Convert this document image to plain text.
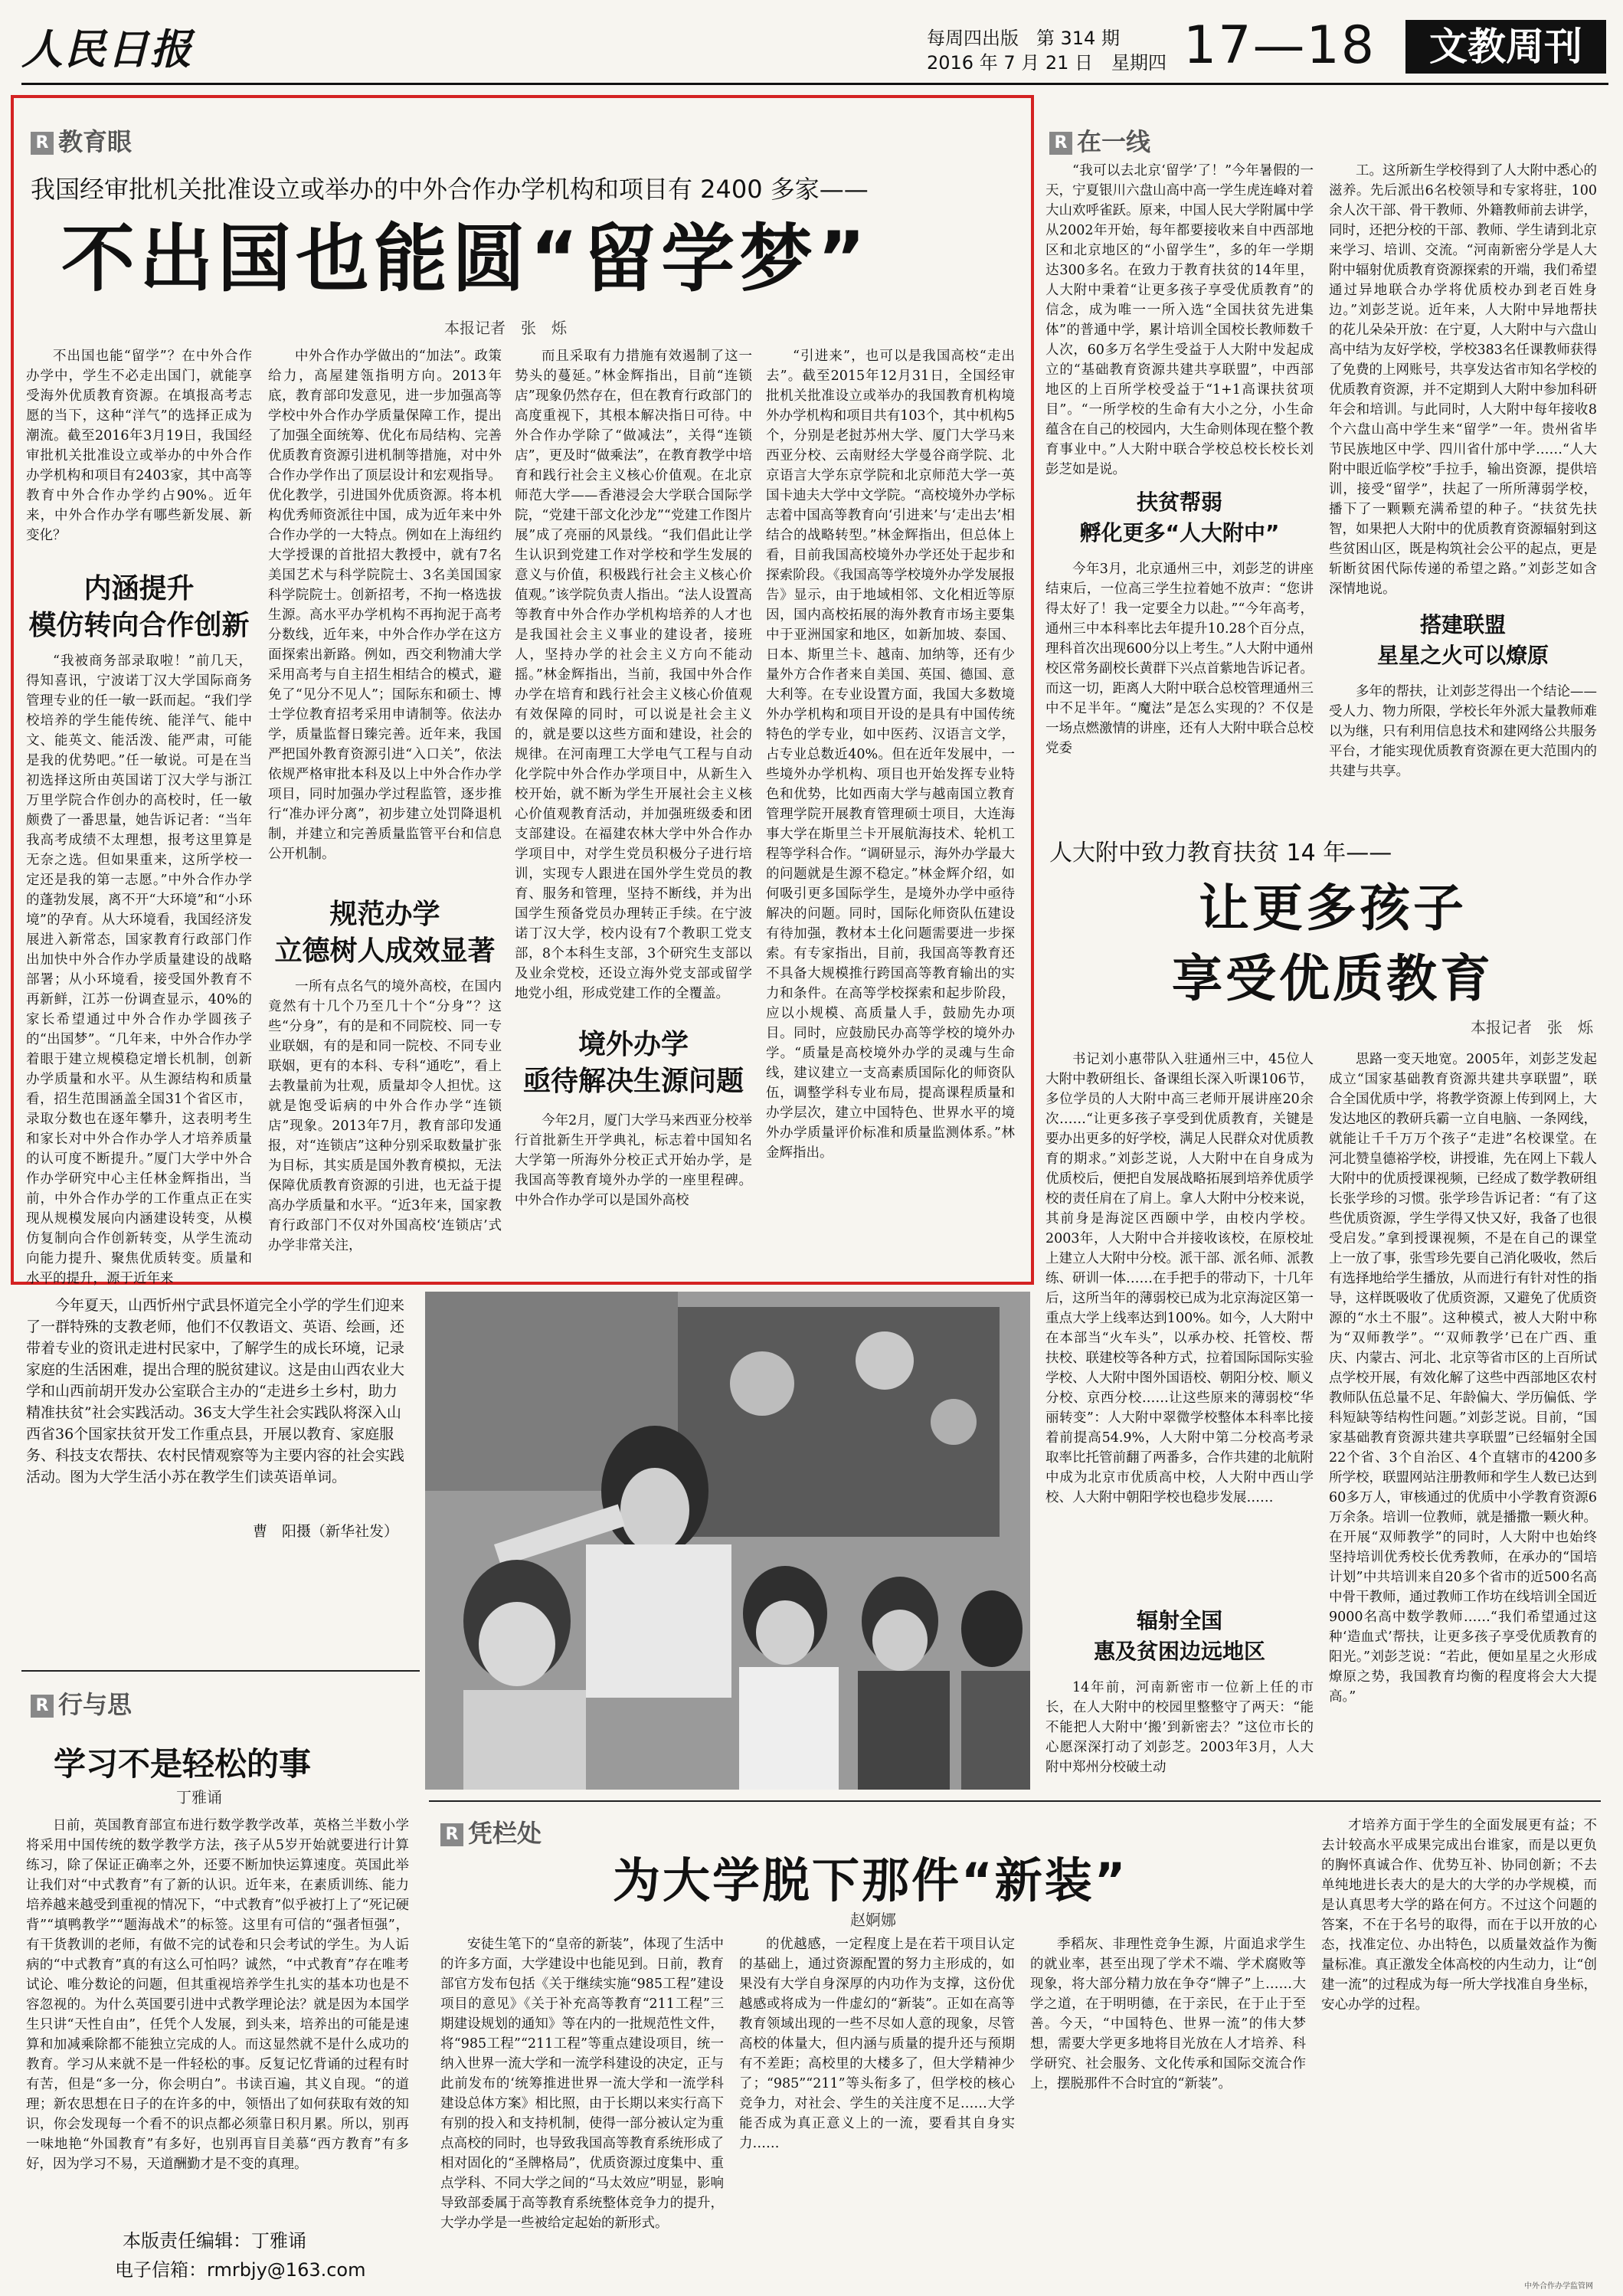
人民日报	每周四出版 第 314 期
2016 年 7 月 21 日　星期四 17—18	文教周刊
R 教育眼
我国经审批机关批准设立或举办的中外合作办学机构和项目有 2400 多家——
不出国也能圆“留学梦”
本报记者　张　烁
不出国也能“留学”？在中外合作办学中，学生不必走出国门，就能享受海外优质教育资源。在填报高考志愿的当下，这种“洋气”的选择正成为潮流。截至2016年3月19日，我国经审批机关批准设立或举办的中外合作办学机构和项目有2403家，其中高等教育中外合作办学约占90%。近年来，中外合作办学有哪些新发展、新变化？
内涵提升
模仿转向合作创新
“我被商务部录取啦！”前几天，得知喜讯，宁波诺丁汉大学国际商务管理专业的任一敏一跃而起。“我们学校培养的学生能传统、能洋气、能中文、能英文、能活泼、能严肃，可能是我的优势吧。”任一敏说。可是在当初选择这所由英国诺丁汉大学与浙江万里学院合作创办的高校时，任一敏颇费了一番思量，她告诉记者：“当年我高考成绩不太理想，报考这里算是无奈之选。但如果重来，这所学校一定还是我的第一志愿。”中外合作办学的蓬勃发展，离不开“大环境”和“小环境”的孕育。从大环境看，我国经济发展进入新常态，国家教育行政部门作出加快中外合作办学质量建设的战略部署；从小环境看，接受国外教育不再新鲜，江苏一份调查显示，40%的家长希望通过中外合作办学圆孩子的“出国梦”。“几年来，中外合作办学着眼于建立规模稳定增长机制，创新办学质量和水平。从生源结构和质量看，招生范围涵盖全国31个省区市，录取分数也在逐年攀升，这表明考生和家长对中外合作办学人才培养质量的认可度不断提升。”厦门大学中外合作办学研究中心主任林金辉指出，当前，中外合作办学的工作重点正在实现从规模发展向内涵建设转变，从模仿复制向合作创新转变，从学生流动向能力提升、聚焦优质转变。质量和水平的提升，源于近年来
中外合作办学做出的“加法”。政策给力，高屋建瓴指明方向。2013年底，教育部印发意见，进一步加强高等学校中外合作办学质量保障工作，提出了加强全面统筹、优化布局结构、完善优质教育资源引进机制等措施，对中外合作办学作出了顶层设计和宏观指导。优化教学，引进国外优质资源。将本机构优秀师资派往中国，成为近年来中外合作办学的一大特点。例如在上海纽约大学授课的首批招大教授中，就有7名美国艺术与科学院院士、3名美国国家科学院院士。创新招考，不拘一格选拔生源。高水平办学机构不再拘泥于高考分数线，近年来，中外合作办学在这方面探索出新路。例如，西交利物浦大学采用高考与自主招生相结合的模式，避免了“见分不见人”；国际东和硕士、博士学位教育招考采用申请制等。依法办学，质量监督日臻完善。近年来，我国严把国外教育资源引进“入口关”，依法依规严格审批本科及以上中外合作办学项目，同时加强办学过程监管，逐步推行“准办评分离”，初步建立处罚降退机制，并建立和完善质量监管平台和信息公开机制。
规范办学
立德树人成效显著
一所有点名气的境外高校，在国内竟然有十几个乃至几十个“分身”？这些“分身”，有的是和不同院校、同一专业联姻，有的是和同一院校、不同专业联姻，更有的本科、专科“通吃”，看上去教量前为壮观，质量却令人担忧。这就是饱受诟病的中外合作办学“连锁店”现象。2013年7月，教育部印发通报，对“连锁店”这种分别采取数量扩张为目标，其实质是国外教育模拟，无法保障优质教育资源的引进，也无益于提高办学质量和水平。“近3年来，国家教育行政部门不仅对外国高校‘连锁店’式办学非常关注，
而且采取有力措施有效遏制了这一势头的蔓延。”林金辉指出，目前“连锁店”现象仍然存在，但在教育行政部门的高度重视下，其根本解决指日可待。中外合作办学除了“做减法”，关得“连锁店”，更及时“做乘法”，在教育教学中培育和践行社会主义核心价值观。在北京师范大学——香港浸会大学联合国际学院，“党建干部文化沙龙”“党建工作图片展”成了亮丽的风景线。“我们倡此让学生认识到党建工作对学校和学生发展的意义与价值，积极践行社会主义核心价值观。”该学院负责人指出。“法人设置高等教育中外合作办学机构培养的人才也是我国社会主义事业的建设者，接班人，坚持办学的社会主义方向不能动摇。”林金辉指出，当前，我国中外合作办学在培育和践行社会主义核心价值观有效保障的同时，可以说是社会主义的，就是要以这些方面和建设，社会的规律。在河南理工大学电气工程与自动化学院中外合作办学项目中，从新生入校开始，就不断为学生开展社会主义核心价值观教育活动，并加强班级委和团支部建设。在福建农林大学中外合作办学项目中，对学生党员积极分子进行培训，实现专人跟进在国外学生党员的教育、服务和管理，坚持不断线，并为出国学生预备党员办理转正手续。在宁波诺丁汉大学，校内设有7个教职工党支部，8个本科生支部，3个研究生支部以及业余党校，还设立海外党支部或留学地党小组，形成党建工作的全覆盖。
境外办学
亟待解决生源问题
今年2月，厦门大学马来西亚分校举行首批新生开学典礼，标志着中国知名大学第一所海外分校正式开始办学，是我国高等教育境外办学的一座里程碑。中外合作办学可以是国外高校
“引进来”，也可以是我国高校“走出去”。截至2015年12月31日，全国经审批机关批准设立或举办的我国教育机构境外办学机构和项目共有103个，其中机构5个，分别是老挝苏州大学、厦门大学马来西亚分校、云南财经大学曼谷商学院、北京语言大学东京学院和北京师范大学一英国卡迪夫大学中文学院。“高校境外办学标志着中国高等教育向‘引进来’与‘走出去’相结合的战略转型。”林金辉指出，但总体上看，目前我国高校境外办学还处于起步和探索阶段。《我国高等学校境外办学发展报告》显示，由于地域相邻、文化相近等原因，国内高校拓展的海外教育市场主要集中于亚洲国家和地区，如新加坡、泰国、日本、斯里兰卡、越南、加纳等，还有少量外方合作者来自美国、英国、德国、意大利等。在专业设置方面，我国大多数境外办学机构和项目开设的是具有中国传统特色的学专业，如中医药、汉语言文学，占专业总数近40%。但在近年发展中，一些境外办学机构、项目也开始发挥专业特色和优势，比如西南大学与越南国立教育管理学院开展教育管理硕士项目，大连海事大学在斯里兰卡开展航海技术、轮机工程等学科合作。“调研显示，海外办学最大的问题就是生源不稳定。”林金辉介绍，如何吸引更多国际学生，是境外办学中亟待解决的问题。同时，国际化师资队伍建设有待加强，教材本土化问题需要进一步探索。有专家指出，目前，我国高等教育还不具备大规模推行跨国高等教育输出的实力和条件。在高等学校探索和起步阶段，应以小规模、高质量人手，鼓励先办项目。同时，应鼓励民办高等学校的境外办学。“质量是高校境外办学的灵魂与生命线，建议建立一支高素质国际化的师资队伍，调整学科专业布局，提高课程质量和办学层次，建立中国特色、世界水平的境外办学质量评价标准和质量监测体系。”林金辉指出。
R 在一线
“我可以去北京‘留学’了！”今年暑假的一天，宁夏银川六盘山高中高一学生虎连峰对着大山欢呼雀跃。原来，中国人民大学附属中学从2002年开始，每年都要接收来自中西部地区和北京地区的“小留学生”，多的年一学期达300多名。在致力于教育扶贫的14年里，人大附中秉着“让更多孩子享受优质教育”的信念，成为唯一一所入选“全国扶贫先进集体”的普通中学，累计培训全国校长教师数千人次，60多万名学生受益于人大附中发起成立的“基础教育资源共建共享联盟”，中西部地区的上百所学校受益于“1+1高课扶贫项目”。“一所学校的生命有大小之分，小生命蕴含在自己的校园内，大生命则体现在整个教育事业中。”人大附中联合学校总校长校长刘彭芝如是说。
扶贫帮弱
孵化更多“人大附中”
今年3月，北京通州三中，刘彭芝的讲座结束后，一位高三学生拉着她不放声：“您讲得太好了！我一定要全力以赴。”“今年高考，通州三中本科率比去年提升10.28个百分点，理科首次出现600分以上考生。”人大附中通州校区常务副校长黄群下兴点首紫地告诉记者。而这一切，距离人大附中联合总校管理通州三中不足半年。“魔法”是怎么实现的？不仅是一场点燃激情的讲座，还有人大附中联合总校党委
工。这所新生学校得到了人大附中悉心的滋养。先后派出6名校领导和专家将驻，100余人次干部、骨干教师、外籍教师前去讲学，同时，还把分校的干部、教师、学生请到北京来学习、培训、交流。“河南新密分学是人大附中辐射优质教育资源探索的开端，我们希望通过异地联合办学将优质校办到老百姓身边。”刘彭芝说。近年来，人大附中异地帮扶的花儿朵朵开放：在宁夏，人大附中与六盘山高中结为友好学校，学校383名任课教师获得了免费的上网账号，共享发达省市知名学校的优质教育资源，并不定期到人大附中参加科研年会和培训。与此同时，人大附中每年接收8个六盘山高中学生来“留学”一年。贵州省毕节民族地区中学、四川省什邡中学……“人大附中眼近临学校”手拉手，输出资源，提供培训，接受“留学”，扶起了一所所薄弱学校，播下了一颗颗充满希望的种子。“扶贫先扶智，如果把人大附中的优质教育资源辐射到这些贫困山区，既是构筑社会公平的起点，更是斩断贫困代际传递的希望之路。”刘彭芝如含深情地说。
搭建联盟
星星之火可以燎原
多年的帮扶，让刘彭芝得出一个结论——受人力、物力所限，学校长年外派大量教师难以为继，只有利用信息技术和建网络公共服务平台，才能实现优质教育资源在更大范围内的共建与共享。
人大附中致力教育扶贫 14 年——
让更多孩子
享受优质教育
本报记者　张　烁
书记刘小惠带队入驻通州三中，45位人大附中教研组长、备课组长深入听课106节，多位学员的人大附中高三老师开展讲座20余次……“让更多孩子享受到优质教育，关键是要办出更多的好学校，满足人民群众对优质教育的期求。”刘彭芝说，人大附中在自身成为优质校后，便把自发展战略拓展到培养优质学校的责任肩在了肩上。拿人大附中分校来说，其前身是海淀区西颐中学，由校内学校。2003年，人大附中合并接收该校，在原校址上建立人大附中分校。派干部、派名师、派教练、研训一体……在手把手的带动下，十几年后，这所当年的薄弱校已成为北京海淀区第一重点大学上线率达到100%。如今，人大附中在本部当“火车头”，以承办校、托管校、帮扶校、联建校等各种方式，拉着国际国际实验学校、人大附中图外国语校、朝阳分校、顺义分校、京西分校……让这些原来的薄弱校“华丽转变”：人大附中翠微学校整体本科率比接着前提高54.9%，人大附中第二分校高考录取率比托管前翻了两番多，合作共建的北航附中成为北京市优质高中校，人大附中西山学校、人大附中朝阳学校也稳步发展……
辐射全国
惠及贫困边远地区
14年前，河南新密市一位新上任的市长，在人大附中的校园里整整守了两天：“能不能把人大附中‘搬’到新密去？”这位市长的心愿深深打动了刘彭芝。2003年3月，人大附中郑州分校破土动
思路一变天地宽。2005年，刘彭芝发起成立“国家基础教育资源共建共享联盟”，联合全国优质中学，将教学资源上传到网上，大发达地区的教研兵霸一立自电脑、一条网线，就能让千千万万个孩子“走进”名校课堂。在河北赞皇德裕学校，讲授谁，先在网上下载人大附中的优质授课视频，已经成了数学教研组长张学珍的习惯。张学珍告诉记者：“有了这些优质资源，学生学得又快又好，我备了也很受启发。”拿到授课视频，不是在自己的课堂上一放了事，张雪珍先要自己消化吸收，然后有选择地给学生播放，从而进行有针对性的指导，这样既吸收了优质资源，又避免了优质资源的“水土不服”。这种模式，被人大附中称为“双师教学”。“‘双师教学’已在广西、重庆、内蒙古、河北、北京等省市区的上百所试点学校开展，有效化解了这些中西部地区农村教师队伍总量不足、年龄偏大、学历偏低、学科短缺等结构性问题。”刘彭芝说。目前，“国家基础教育资源共建共享联盟”已经辐射全国22个省、3个自治区、4个直辖市的4200多所学校，联盟网站注册教师和学生人数已达到60多万人，审核通过的优质中小学教育资源6万余条。培训一位教师，就是播撒一颗火种。在开展“双师教学”的同时，人大附中也始终坚持培训优秀校长优秀教师，在承办的“国培计划”中共培训来自20多个省市的近500名高中骨干教师，通过教师工作坊在线培训全国近9000名高中数学教师……“我们希望通过这种‘造血式’帮扶，让更多孩子享受优质教育的阳光。”刘彭芝说：“若此，便如星星之火形成燎原之势，我国教育均衡的程度将会大大提高。”
今年夏天，山西忻州宁武县怀道完全小学的学生们迎来了一群特殊的支教老师，他们不仅教语文、英语、绘画，还带着专业的资讯走进村民家中，了解学生的成长环境，记录家庭的生活困难，提出合理的脱贫建议。这是由山西农业大学和山西前胡开发办公室联合主办的“走进乡土乡村，助力精准扶贫”社会实践活动。36支大学生社会实践队将深入山西省36个国家扶贫开发工作重点县，开展以教育、家庭服务、科技支农帮扶、农村民情观察等为主要内容的社会实践活动。图为大学生活小苏在教学生们读英语单词。
曹　阳摄（新华社发）
R 行与思
学习不是轻松的事
丁雅诵
日前，英国教育部宣布进行数学教学改革，英格兰半数小学将采用中国传统的数学教学方法，孩子从5岁开始就要进行计算练习，除了保证正确率之外，还要不断加快运算速度。英国此举让我们对“中式教育”有了新的认识。近年来，在素质训练、能力培养越来越受到重视的情况下，“中式教育”似乎被打上了“死记硬背”“填鸭教学”“题海战术”的标签。这里有可信的“强者恒强”，有干货教训的老师，有做不完的试卷和只会考试的学生。为人诟病的“中式教育”真的有这么可怕吗？诚然，“中式教育”存在唯考试论、唯分数论的问题，但其重视培养学生扎实的基本功也是不容忽视的。为什么英国要引进中式教学理论法？就是因为本国学生只讲“天性自由”，任凭个人发展，到头来，培养出的可能是速算和加减乘除都不能独立完成的人。而这显然就不是什么成功的教育。学习从来就不是一件轻松的事。反复记忆背诵的过程有时有苦，但是“多一分，你会明白”。书读百遍，其义自现。“的道理；新农思想在日子的在许多的中，领悟出了如何获取有效的知识，你会发现每一个看不的识点都必须靠日积月累。所以，别再一味地艳“外国教育”有多好，也别再盲目美慕“西方教育”有多好，因为学习不易，天道酬勤才是不变的真理。
本版责任编辑：丁雅诵
电子信箱：rmrbjy@163.com
R 凭栏处
为大学脱下那件“新装”
赵婀娜
安徒生笔下的“皇帝的新装”，体现了生活中的许多方面，大学建设中也能见到。日前，教育部官方发布包括《关于继续实施“985工程”建设项目的意见》《关于补充高等教育“211工程”三期建设规划的通知》等在内的一批规范性文件，将“985工程”“211工程”等重点建设项目，统一纳入世界一流大学和一流学科建设的决定，正与此前发布的‘统筹推进世界一流大学和一流学科建设总体方案》相比照，由于长期以来实行高下有别的投入和支持机制，使得一部分被认定为重点高校的同时，也导致我国高等教育系统形成了相对固化的“圣牌格局”，优质资源过度集中、重点学科、不同大学之间的“马太效应”明显，影响导致部委属于高等教育系统整体竞争力的提升，大学办学是一些被给定起始的新形式。
的优越感，一定程度上是在若干项目认定的基础上，通过资源配置的努力主形成的，如果没有大学自身深厚的内功作为支撑，这份优越感或将成为一件虚幻的“新装”。正如在高等教育领域出现的一些不尽如人意的现象，尽管高校的体量大，但内涵与质量的提升还与预期有不差距；高校里的大楼多了，但大学精神少了；“985”“211”等头衔多了，但学校的核心竞争力，对社会、学生的关注度不足……大学能否成为真正意义上的一流，要看其自身实力……
季稻灰、非理性竞争生源，片面追求学生的就业率，甚至出现了学术不端、学术腐败等现象，将大部分精力放在争夺“牌子”上……大学之道，在于明明德，在于亲民，在于止于至善。今天，“中国特色、世界一流”的伟大梦想，需要大学更多地将目光放在人才培养、科学研究、社会服务、文化传承和国际交流合作上，摆脱那件不合时宜的“新装”。
才培养方面于学生的全面发展更有益；不去计较高水平成果完成出台谁家，而是以更负的胸怀真诚合作、优势互补、协同创新；不去单纯地进长表大的是大的大学的办学规模，而是认真思考大学的路在何方。不过这个问题的答案，不在于名号的取得，而在于以开放的心态，找准定位、办出特色，以质量效益作为衡量标准。真正激发全体高校的内生动力，让“创建一流”的过程成为每一所大学找准自身坐标，安心办学的过程。
中外合作办学监管网
